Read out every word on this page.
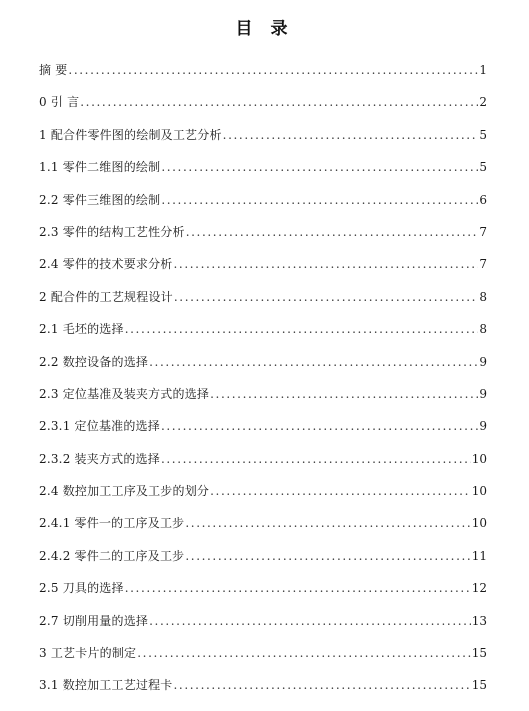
目 录
摘 要 .....	1
0 引 言 .....	2
1 配合件零件图的绘制及工艺分析 .....	5
1.1 零件二维图的绘制 .....	5
2.2 零件三维图的绘制 .....	6
2.3 零件的结构工艺性分析 .....	7
2.4 零件的技术要求分析 .....	7
2 配合件的工艺规程设计 .....	8
2.1 毛坯的选择 .....	8
2.2 数控设备的选择 .....	9
2.3 定位基准及装夹方式的选择 .....	9
2.3.1 定位基准的选择 .....	9
2.3.2 装夹方式的选择 .....	10
2.4 数控加工工序及工步的划分 .....	10
2.4.1 零件一的工序及工步 .....	10
2.4.2 零件二的工序及工步 .....	11
2.5 刀具的选择 .....	12
2.7 切削用量的选择 .....	13
3 工艺卡片的制定 .....	15
3.1 数控加工工艺过程卡 .....	15
